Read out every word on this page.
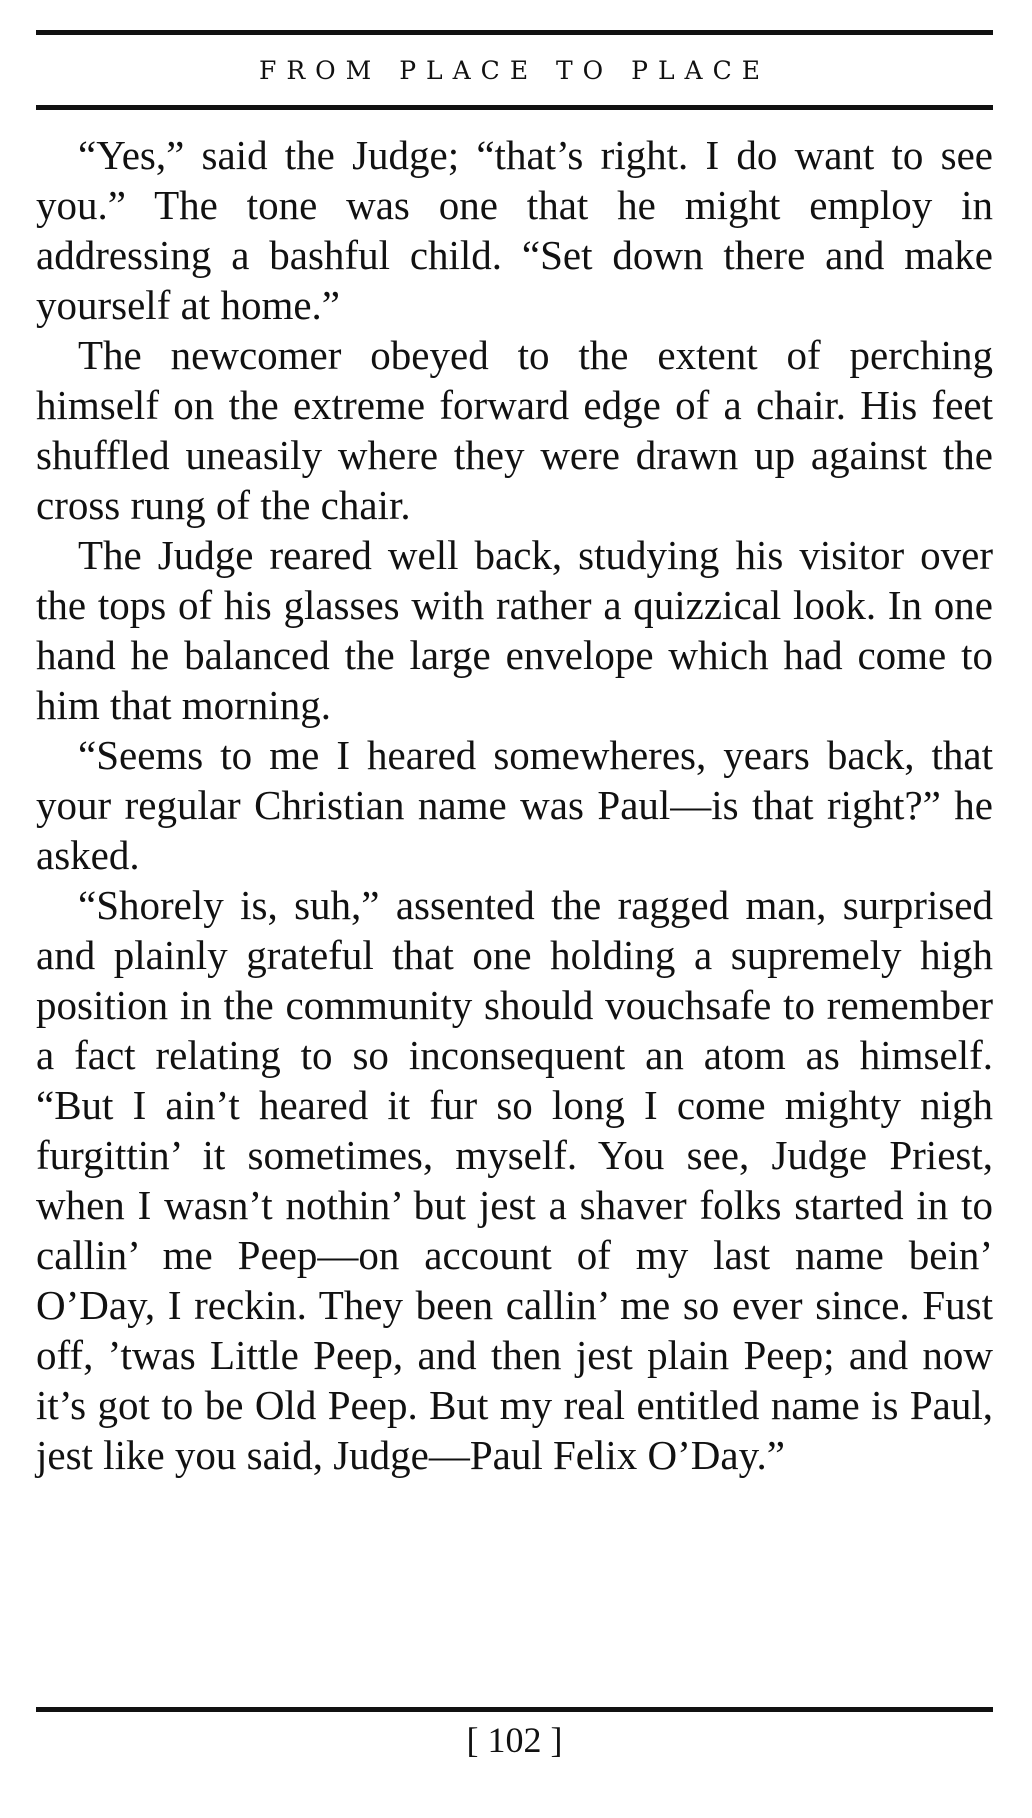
FROM PLACE TO PLACE

“Yes,” said the Judge; “that’s right. I do want to see you.” The tone was one that he might employ in addressing a bashful child. “Set down there and make yourself at home.”

The newcomer obeyed to the extent of perching himself on the extreme forward edge of a chair. His feet shuffled uneasily where they were drawn up against the cross rung of the chair.

The Judge reared well back, studying his visitor over the tops of his glasses with rather a quizzical look. In one hand he balanced the large envelope which had come to him that morning.

“Seems to me I heared somewheres, years back, that your regular Christian name was Paul—is that right?” he asked.

“Shorely is, suh,” assented the ragged man, surprised and plainly grateful that one holding a supremely high position in the community should vouchsafe to remember a fact relating to so inconsequent an atom as himself. “But I ain’t heared it fur so long I come mighty nigh furgittin’ it sometimes, myself. You see, Judge Priest, when I wasn’t nothin’ but jest a shaver folks started in to callin’ me Peep—on account of my last name bein’ O’Day, I reckin. They been callin’ me so ever since. Fust off, ’twas Little Peep, and then jest plain Peep; and now it’s got to be Old Peep. But my real entitled name is Paul, jest like you said, Judge—Paul Felix O’Day.”

[ 102 ]
